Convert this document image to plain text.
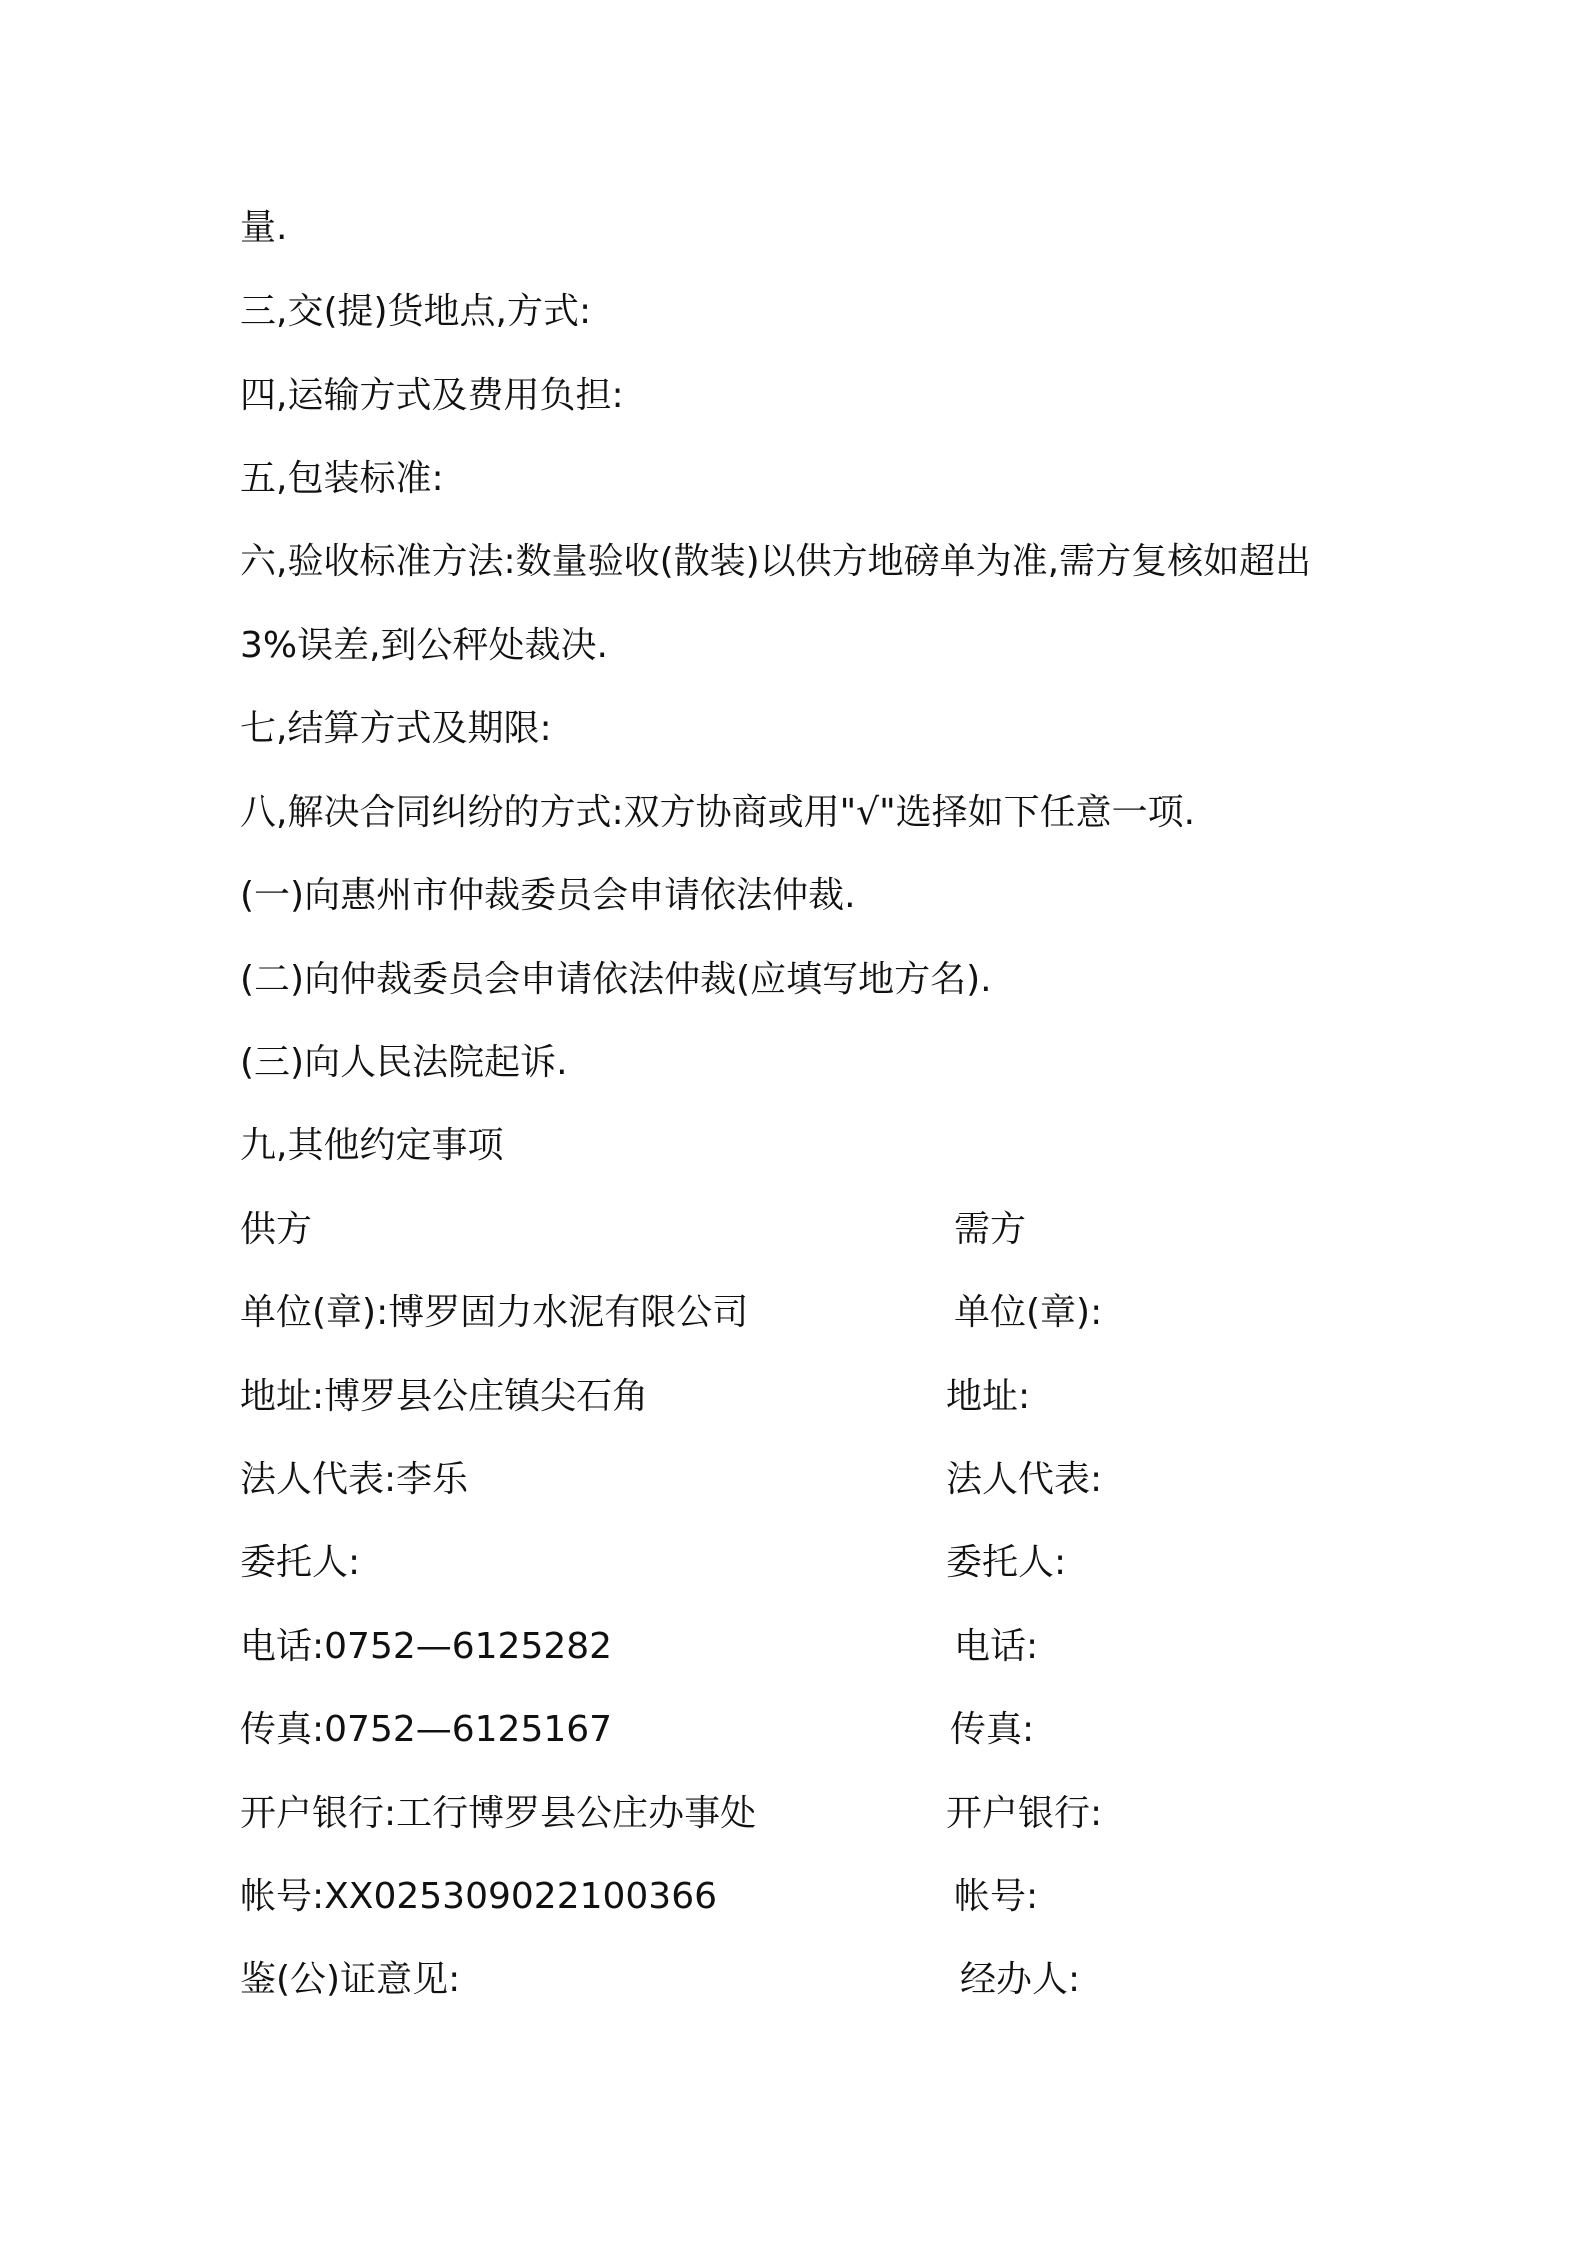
量.
三,交(提)货地点,方式:
四,运输方式及费用负担:
五,包装标准:
六,验收标准方法:数量验收(散装)以供方地磅单为准,需方复核如超出
3%误差,到公秤处裁决.
七,结算方式及期限:
八,解决合同纠纷的方式:双方协商或用"√"选择如下任意一项.
(一)向惠州市仲裁委员会申请依法仲裁.
(二)向仲裁委员会申请依法仲裁(应填写地方名).
(三)向人民法院起诉.
九,其他约定事项
供方
单位(章):博罗固力水泥有限公司
地址:博罗县公庄镇尖石角
法人代表:李乐
委托人:
电话:0752—6125282
传真:0752—6125167
开户银行:工行博罗县公庄办事处
帐号:XX025309022100366
鉴(公)证意见:
需方
单位(章):
地址:
法人代表:
委托人:
电话:
传真:
开户银行:
帐号:
经办人:
